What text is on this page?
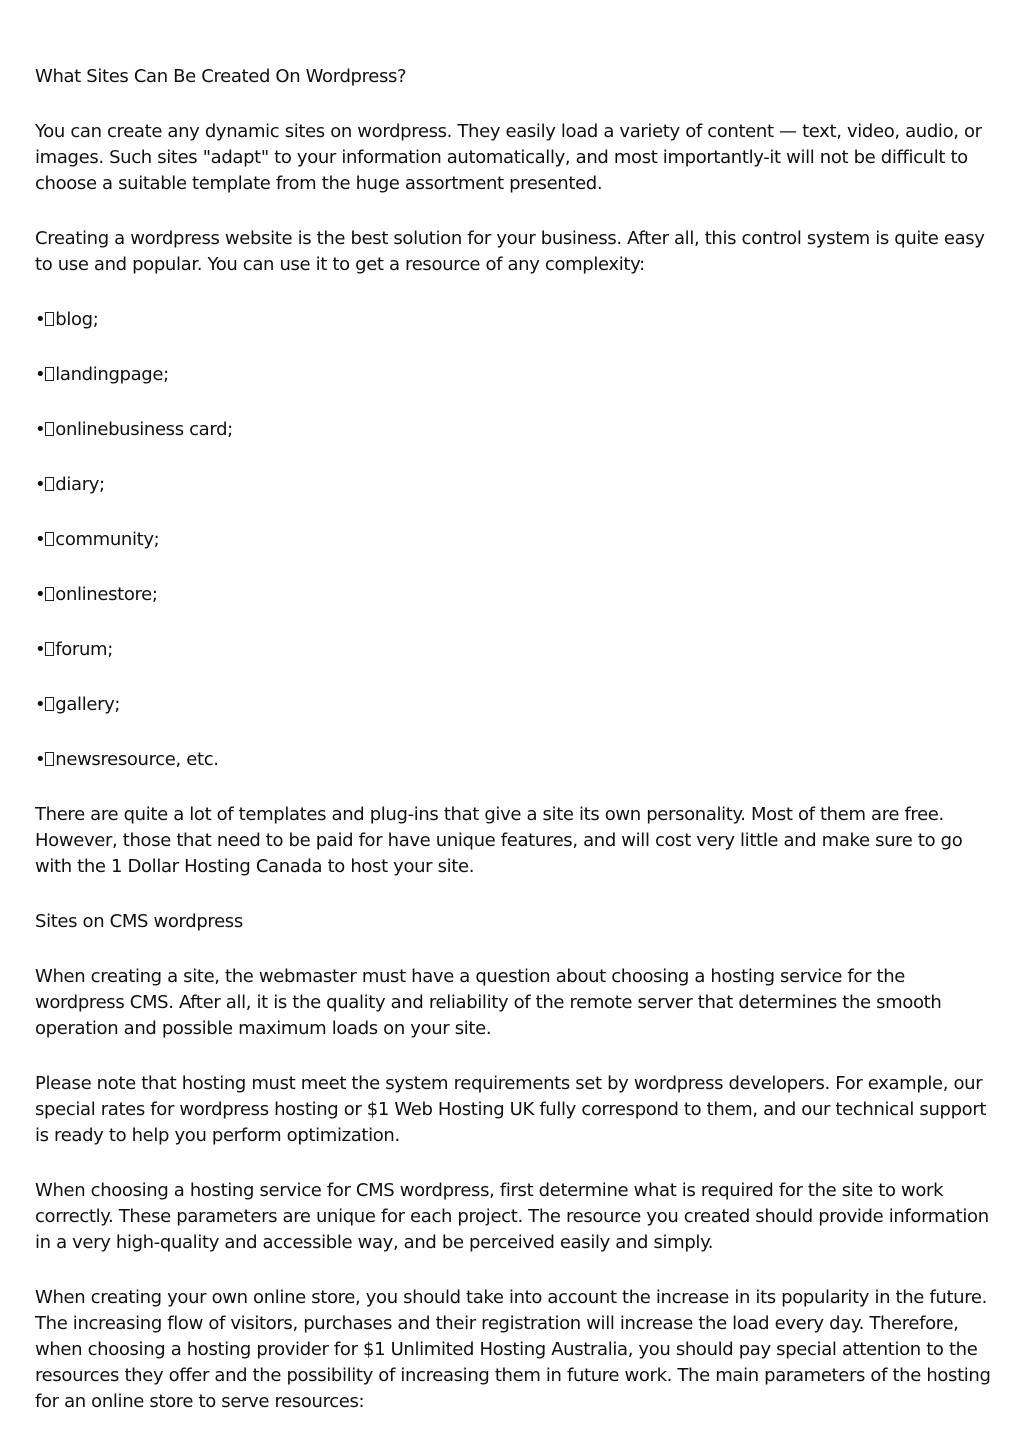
What Sites Can Be Created On Wordpress?

You can create any dynamic sites on wordpress. They easily load a variety of content — text, video, audio, or images. Such sites "adapt" to your information automatically, and most importantly-it will not be difficult to choose a suitable template from the huge assortment presented.

Creating a wordpress website is the best solution for your business. After all, this control system is quite easy to use and popular. You can use it to get a resource of any complexity:

• blog;

• landingpage;

• onlinebusiness card;

• diary;

• community;

• onlinestore;

• forum;

• gallery;

• newsresource, etc.

There are quite a lot of templates and plug-ins that give a site its own personality. Most of them are free. However, those that need to be paid for have unique features, and will cost very little and make sure to go with the 1 Dollar Hosting Canada to host your site.

Sites on CMS wordpress

When creating a site, the webmaster must have a question about choosing a hosting service for the wordpress CMS. After all, it is the quality and reliability of the remote server that determines the smooth operation and possible maximum loads on your site.

Please note that hosting must meet the system requirements set by wordpress developers. For example, our special rates for wordpress hosting or $1 Web Hosting UK fully correspond to them, and our technical support is ready to help you perform optimization.

When choosing a hosting service for CMS wordpress, first determine what is required for the site to work correctly. These parameters are unique for each project. The resource you created should provide information in a very high-quality and accessible way, and be perceived easily and simply.

When creating your own online store, you should take into account the increase in its popularity in the future. The increasing flow of visitors, purchases and their registration will increase the load every day. Therefore, when choosing a hosting provider for $1 Unlimited Hosting Australia, you should pay special attention to the resources they offer and the possibility of increasing them in future work. The main parameters of the hosting for an online store to serve resources:
